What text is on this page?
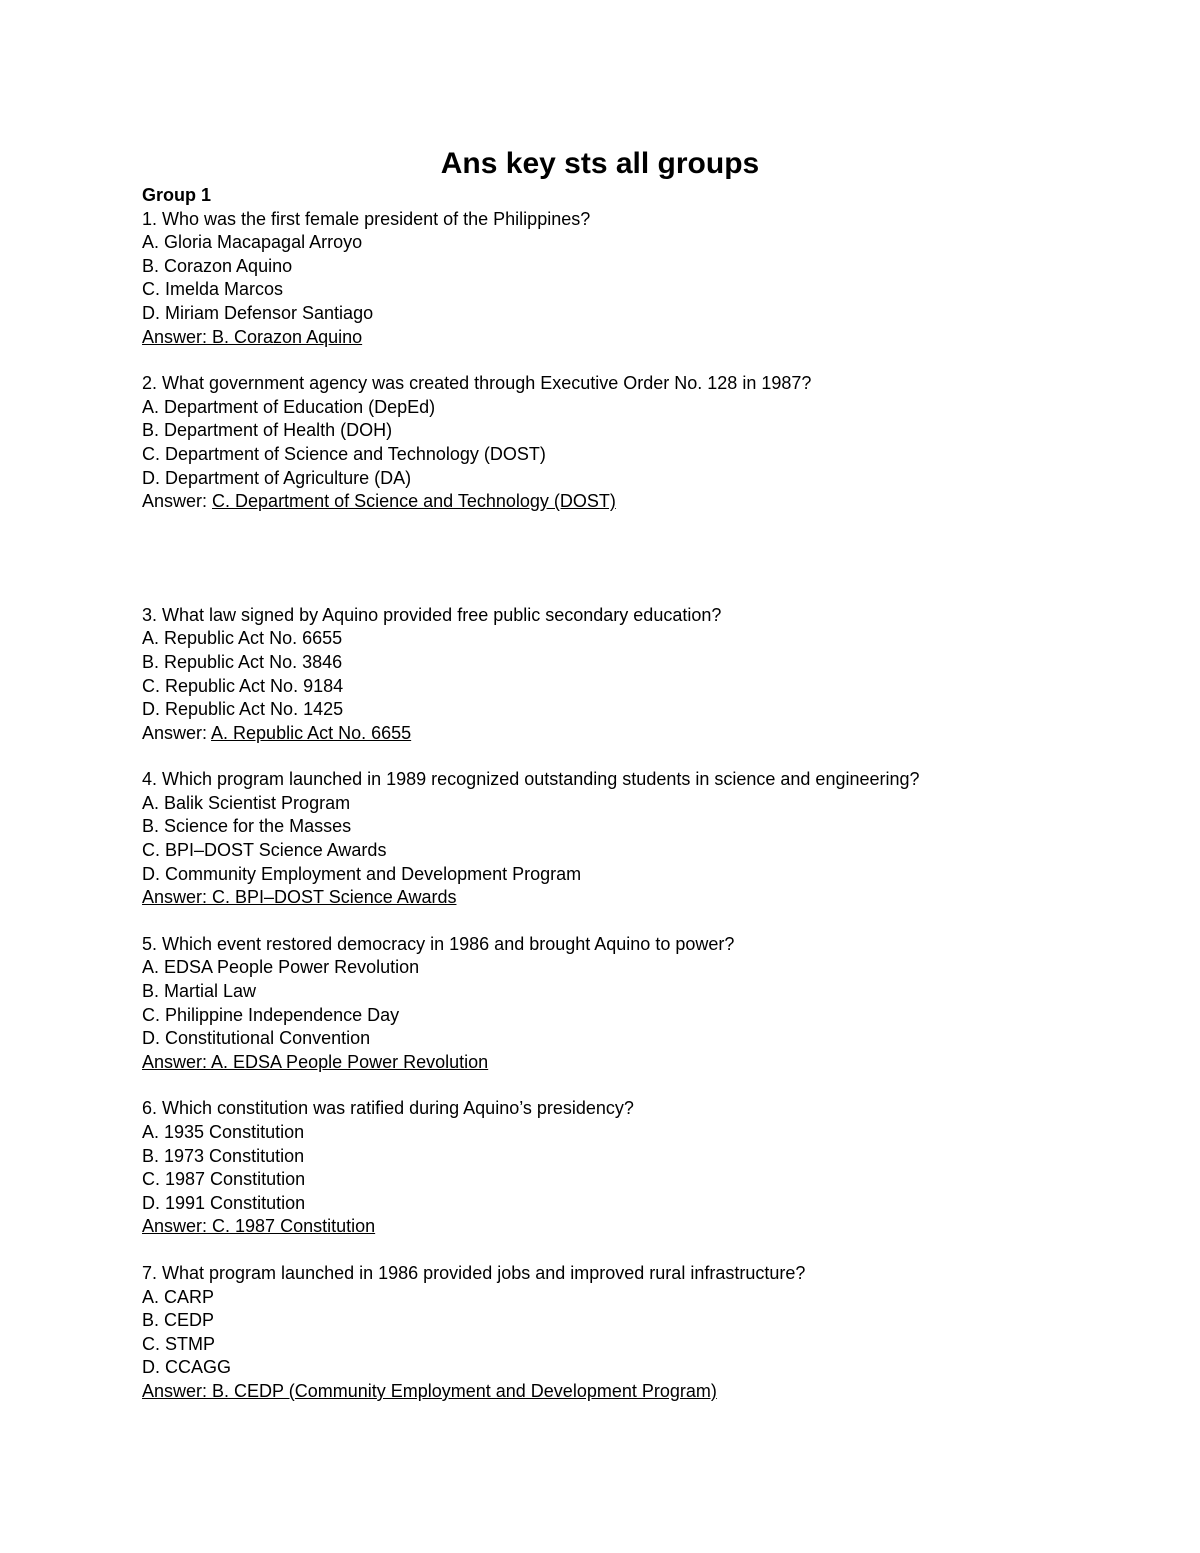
Ans key sts all groups
Group 1
1. Who was the first female president of the Philippines?
A. Gloria Macapagal Arroyo
B. Corazon Aquino
C. Imelda Marcos
D. Miriam Defensor Santiago
Answer: B. Corazon Aquino
2. What government agency was created through Executive Order No. 128 in 1987?
A. Department of Education (DepEd)
B. Department of Health (DOH)
C. Department of Science and Technology (DOST)
D. Department of Agriculture (DA)
Answer: C. Department of Science and Technology (DOST)
3. What law signed by Aquino provided free public secondary education?
A. Republic Act No. 6655
B. Republic Act No. 3846
C. Republic Act No. 9184
D. Republic Act No. 1425
Answer: A. Republic Act No. 6655
4. Which program launched in 1989 recognized outstanding students in science and engineering?
A. Balik Scientist Program
B. Science for the Masses
C. BPI–DOST Science Awards
D. Community Employment and Development Program
Answer: C. BPI–DOST Science Awards
5. Which event restored democracy in 1986 and brought Aquino to power?
A. EDSA People Power Revolution
B. Martial Law
C. Philippine Independence Day
D. Constitutional Convention
Answer: A. EDSA People Power Revolution
6. Which constitution was ratified during Aquino’s presidency?
A. 1935 Constitution
B. 1973 Constitution
C. 1987 Constitution
D. 1991 Constitution
Answer: C. 1987 Constitution
7. What program launched in 1986 provided jobs and improved rural infrastructure?
A. CARP
B. CEDP
C. STMP
D. CCAGG
Answer: B. CEDP (Community Employment and Development Program)
